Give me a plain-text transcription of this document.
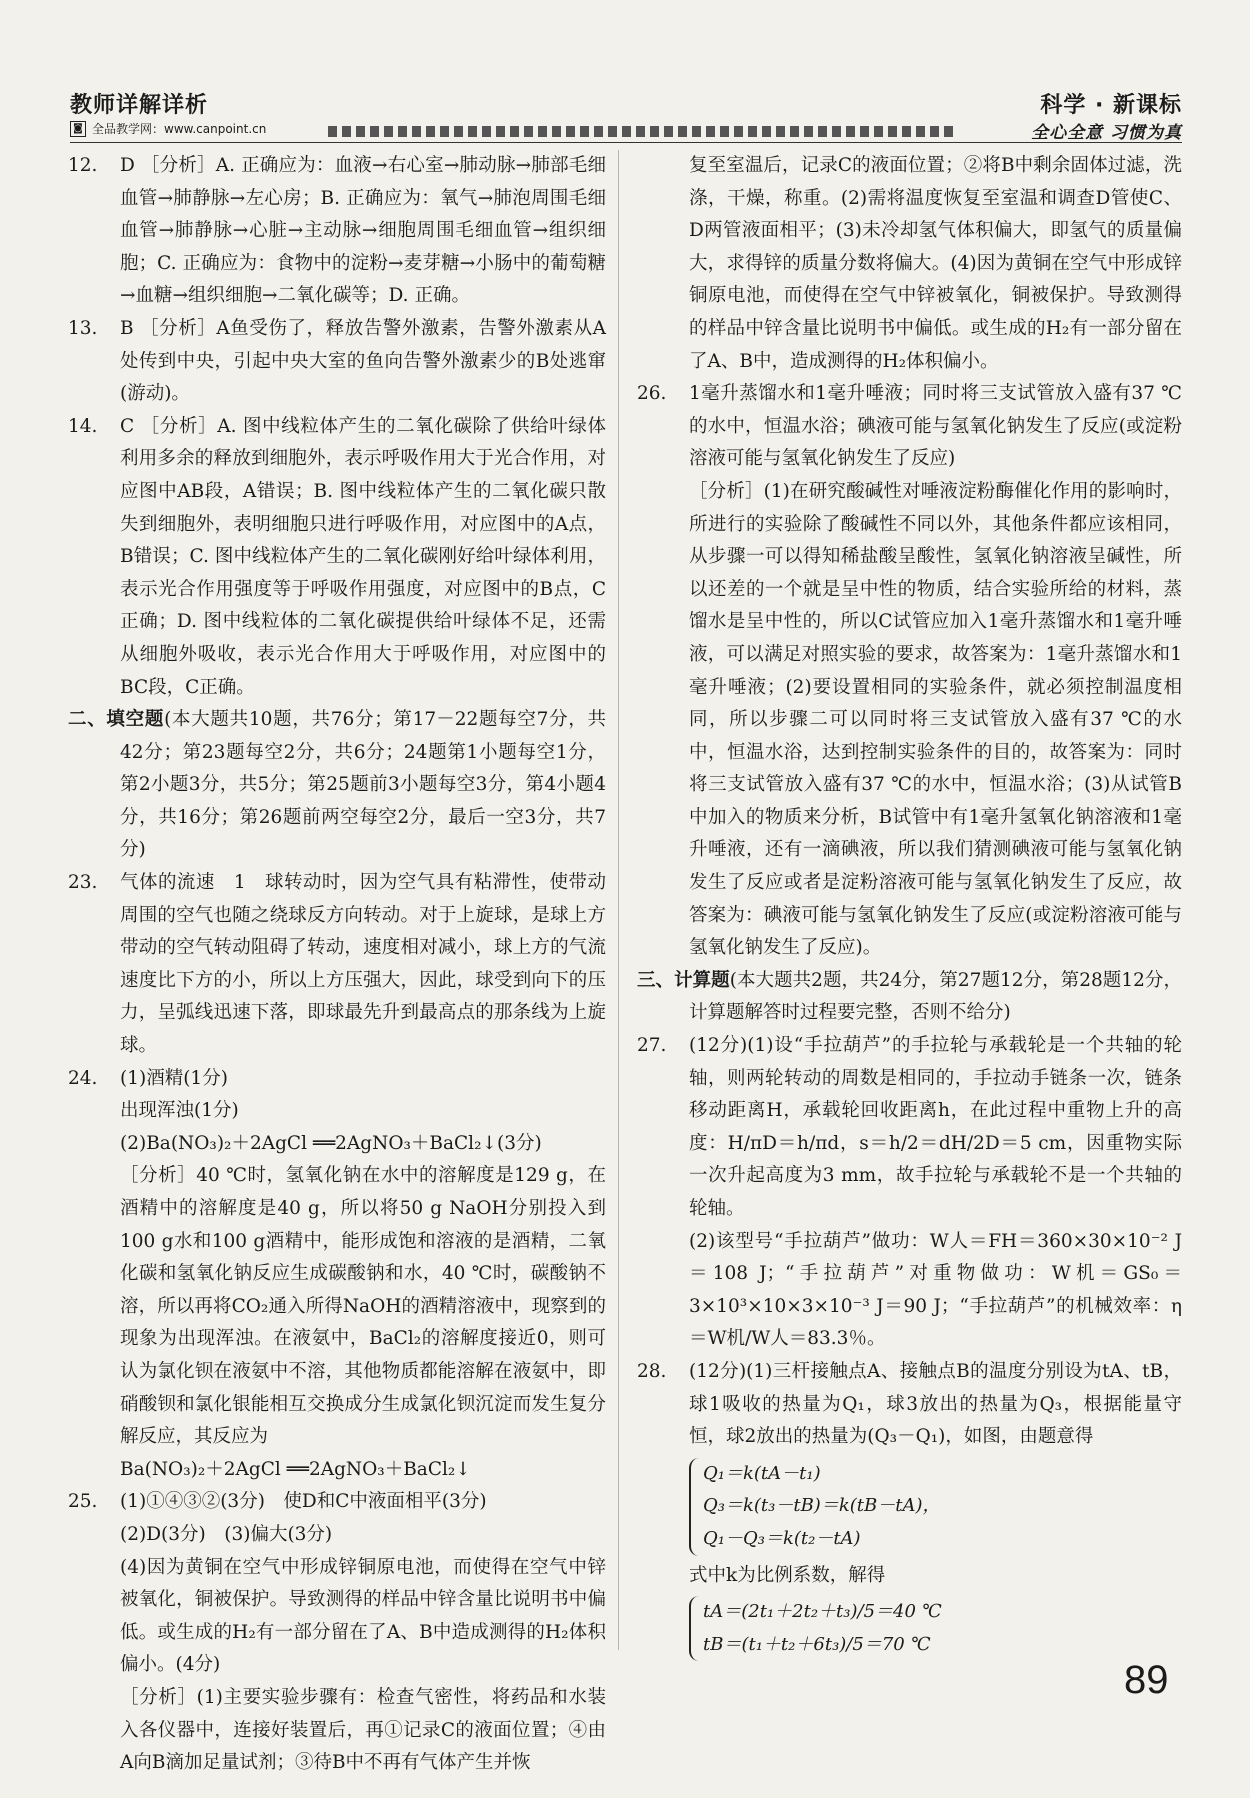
教师详解详析
◙ 全品教学网：www.canpoint.cn
科学 · 新课标
全心全意 习惯为真
12.	D ［分析］A. 正确应为：血液→右心室→肺动脉→肺部毛细血管→肺静脉→左心房；B. 正确应为：氧气→肺泡周围毛细血管→肺静脉→心脏→主动脉→细胞周围毛细血管→组织细胞；C. 正确应为：食物中的淀粉→麦芽糖→小肠中的葡萄糖→血糖→组织细胞→二氧化碳等；D. 正确。
13.	B ［分析］A鱼受伤了，释放告警外激素，告警外激素从A处传到中央，引起中央大室的鱼向告警外激素少的B处逃窜(游动)。
14.	C ［分析］A. 图中线粒体产生的二氧化碳除了供给叶绿体利用多余的释放到细胞外，表示呼吸作用大于光合作用，对应图中AB段，A错误；B. 图中线粒体产生的二氧化碳只散失到细胞外，表明细胞只进行呼吸作用，对应图中的A点，B错误；C. 图中线粒体产生的二氧化碳刚好给叶绿体利用，表示光合作用强度等于呼吸作用强度，对应图中的B点，C正确；D. 图中线粒体的二氧化碳提供给叶绿体不足，还需从细胞外吸收，表示光合作用大于呼吸作用，对应图中的BC段，C正确。
二、填空题(本大题共10题，共76分；第17－22题每空7分，共42分；第23题每空2分，共6分；24题第1小题每空1分，第2小题3分，共5分；第25题前3小题每空3分，第4小题4分，共16分；第26题前两空每空2分，最后一空3分，共7分)
23.	气体的流速　1　球转动时，因为空气具有粘滞性，使带动周围的空气也随之绕球反方向转动。对于上旋球，是球上方带动的空气转动阻碍了转动，速度相对减小，球上方的气流速度比下方的小，所以上方压强大，因此，球受到向下的压力，呈弧线迅速下落，即球最先升到最高点的那条线为上旋球。
24.	(1)酒精(1分)
出现浑浊(1分)
(2)Ba(NO₃)₂＋2AgCl ══2AgNO₃＋BaCl₂↓(3分)
［分析］40 ℃时，氢氧化钠在水中的溶解度是129 g，在酒精中的溶解度是40 g，所以将50 g NaOH分别投入到100 g水和100 g酒精中，能形成饱和溶液的是酒精，二氧化碳和氢氧化钠反应生成碳酸钠和水，40 ℃时，碳酸钠不溶，所以再将CO₂通入所得NaOH的酒精溶液中，现察到的现象为出现浑浊。在液氨中，BaCl₂的溶解度接近0，则可认为氯化钡在液氨中不溶，其他物质都能溶解在液氨中，即硝酸钡和氯化银能相互交换成分生成氯化钡沉淀而发生复分解反应，其反应为
Ba(NO₃)₂＋2AgCl ══2AgNO₃＋BaCl₂↓
25.	(1)①④③②(3分)　使D和C中液面相平(3分)
(2)D(3分)　(3)偏大(3分)
(4)因为黄铜在空气中形成锌铜原电池，而使得在空气中锌被氧化，铜被保护。导致测得的样品中锌含量比说明书中偏低。或生成的H₂有一部分留在了A、B中造成测得的H₂体积偏小。(4分)
［分析］(1)主要实验步骤有：检查气密性，将药品和水装入各仪器中，连接好装置后，再①记录C的液面位置；④由A向B滴加足量试剂；③待B中不再有气体产生并恢
复至室温后，记录C的液面位置；②将B中剩余固体过滤，洗涤，干燥，称重。(2)需将温度恢复至室温和调查D管使C、D两管液面相平；(3)未冷却氢气体积偏大，即氢气的质量偏大，求得锌的质量分数将偏大。(4)因为黄铜在空气中形成锌铜原电池，而使得在空气中锌被氧化，铜被保护。导致测得的样品中锌含量比说明书中偏低。或生成的H₂有一部分留在了A、B中，造成测得的H₂体积偏小。
26.	1毫升蒸馏水和1毫升唾液；同时将三支试管放入盛有37 ℃的水中，恒温水浴；碘液可能与氢氧化钠发生了反应(或淀粉溶液可能与氢氧化钠发生了反应)
［分析］(1)在研究酸碱性对唾液淀粉酶催化作用的影响时，所进行的实验除了酸碱性不同以外，其他条件都应该相同，从步骤一可以得知稀盐酸呈酸性，氢氧化钠溶液呈碱性，所以还差的一个就是呈中性的物质，结合实验所给的材料，蒸馏水是呈中性的，所以C试管应加入1毫升蒸馏水和1毫升唾液，可以满足对照实验的要求，故答案为：1毫升蒸馏水和1毫升唾液；(2)要设置相同的实验条件，就必须控制温度相同，所以步骤二可以同时将三支试管放入盛有37 ℃的水中，恒温水浴，达到控制实验条件的目的，故答案为：同时将三支试管放入盛有37 ℃的水中，恒温水浴；(3)从试管B中加入的物质来分析，B试管中有1毫升氢氧化钠溶液和1毫升唾液，还有一滴碘液，所以我们猜测碘液可能与氢氧化钠发生了反应或者是淀粉溶液可能与氢氧化钠发生了反应，故答案为：碘液可能与氢氧化钠发生了反应(或淀粉溶液可能与氢氧化钠发生了反应)。
三、计算题(本大题共2题，共24分，第27题12分，第28题12分，计算题解答时过程要完整，否则不给分)
27.	(12分)(1)设“手拉葫芦”的手拉轮与承载轮是一个共轴的轮轴，则两轮转动的周数是相同的，手拉动手链条一次，链条移动距离H，承载轮回收距离h，在此过程中重物上升的高度：H/πD＝h/πd，s＝h/2＝dH/2D＝5 cm，因重物实际一次升起高度为3 mm，故手拉轮与承载轮不是一个共轴的轮轴。
(2)该型号“手拉葫芦”做功：W人＝FH＝360×30×10⁻² J＝108 J；“手拉葫芦”对重物做功：W机＝GS₀＝3×10³×10×3×10⁻³ J＝90 J；“手拉葫芦”的机械效率：η＝W机/W人＝83.3％。
28.	(12分)(1)三杆接触点A、接触点B的温度分别设为tA、tB，球1吸收的热量为Q₁，球3放出的热量为Q₃，根据能量守恒，球2放出的热量为(Q₃－Q₁)，如图，由题意得
Q₁＝k(tA－t₁)
Q₃＝k(t₃－tB)＝k(tB－tA)，
Q₁－Q₃＝k(t₂－tA)
式中k为比例系数，解得
tA＝(2t₁＋2t₂＋t₃)/5＝40 ℃
tB＝(t₁＋t₂＋6t₃)/5＝70 ℃
89
